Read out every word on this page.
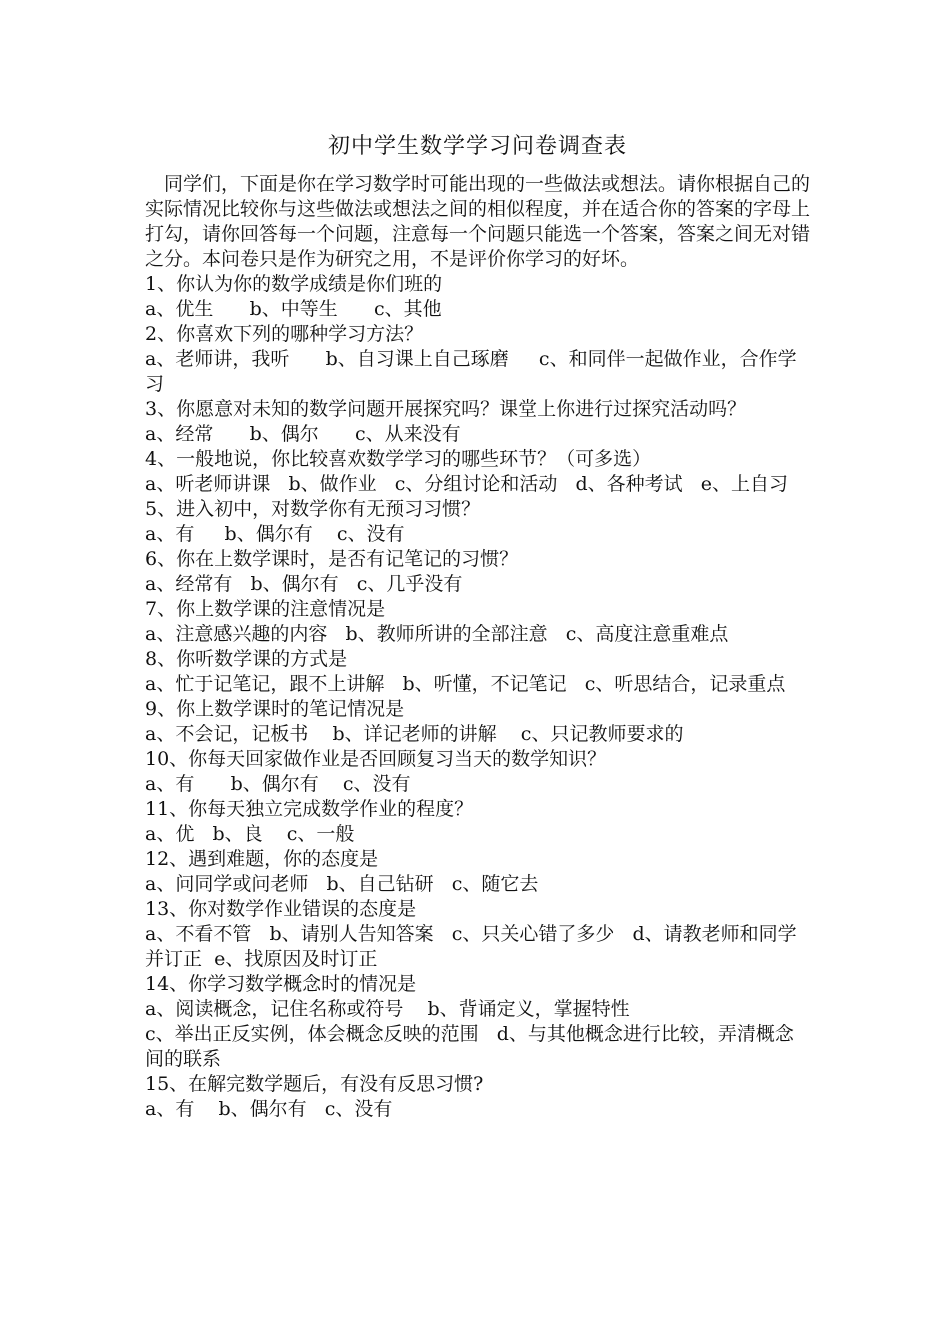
初中学生数学学习问卷调查表

同学们，下面是你在学习数学时可能出现的一些做法或想法。请你根据自己的实际情况比较你与这些做法或想法之间的相似程度，并在适合你的答案的字母上打勾，请你回答每一个问题，注意每一个问题只能选一个答案，答案之间无对错之分。本问卷只是作为研究之用，不是评价你学习的好坏。

1、你认为你的数学成绩是你们班的

a、优生      b、中等生      c、其他

2、你喜欢下列的哪种学习方法？

a、老师讲，我听      b、自习课上自己琢磨     c、和同伴一起做作业，合作学习

3、你愿意对未知的数学问题开展探究吗？课堂上你进行过探究活动吗？

a、经常      b、偶尔      c、从来没有

4、一般地说，你比较喜欢数学学习的哪些环节？（可多选）

a、听老师讲课   b、做作业   c、分组讨论和活动   d、各种考试   e、上自习

5、进入初中，对数学你有无预习习惯？

a、有     b、偶尔有    c、没有

6、你在上数学课时，是否有记笔记的习惯？

a、经常有   b、偶尔有   c、几乎没有

7、你上数学课的注意情况是

a、注意感兴趣的内容   b、教师所讲的全部注意   c、高度注意重难点

8、你听数学课的方式是

a、忙于记笔记，跟不上讲解   b、听懂，不记笔记   c、听思结合，记录重点

9、你上数学课时的笔记情况是

a、不会记，记板书    b、详记老师的讲解    c、只记教师要求的

10、你每天回家做作业是否回顾复习当天的数学知识？

a、有      b、偶尔有    c、没有

11、你每天独立完成数学作业的程度？

a、优   b、良    c、一般

12、遇到难题，你的态度是

a、问同学或问老师   b、自己钻研   c、随它去

13、你对数学作业错误的态度是

a、不看不管   b、请别人告知答案   c、只关心错了多少   d、请教老师和同学并订正  e、找原因及时订正

14、你学习数学概念时的情况是

a、阅读概念，记住名称或符号    b、背诵定义，掌握特性

c、举出正反实例，体会概念反映的范围   d、与其他概念进行比较，弄清概念间的联系

15、在解完数学题后，有没有反思习惯?

a、有    b、偶尔有   c、没有
